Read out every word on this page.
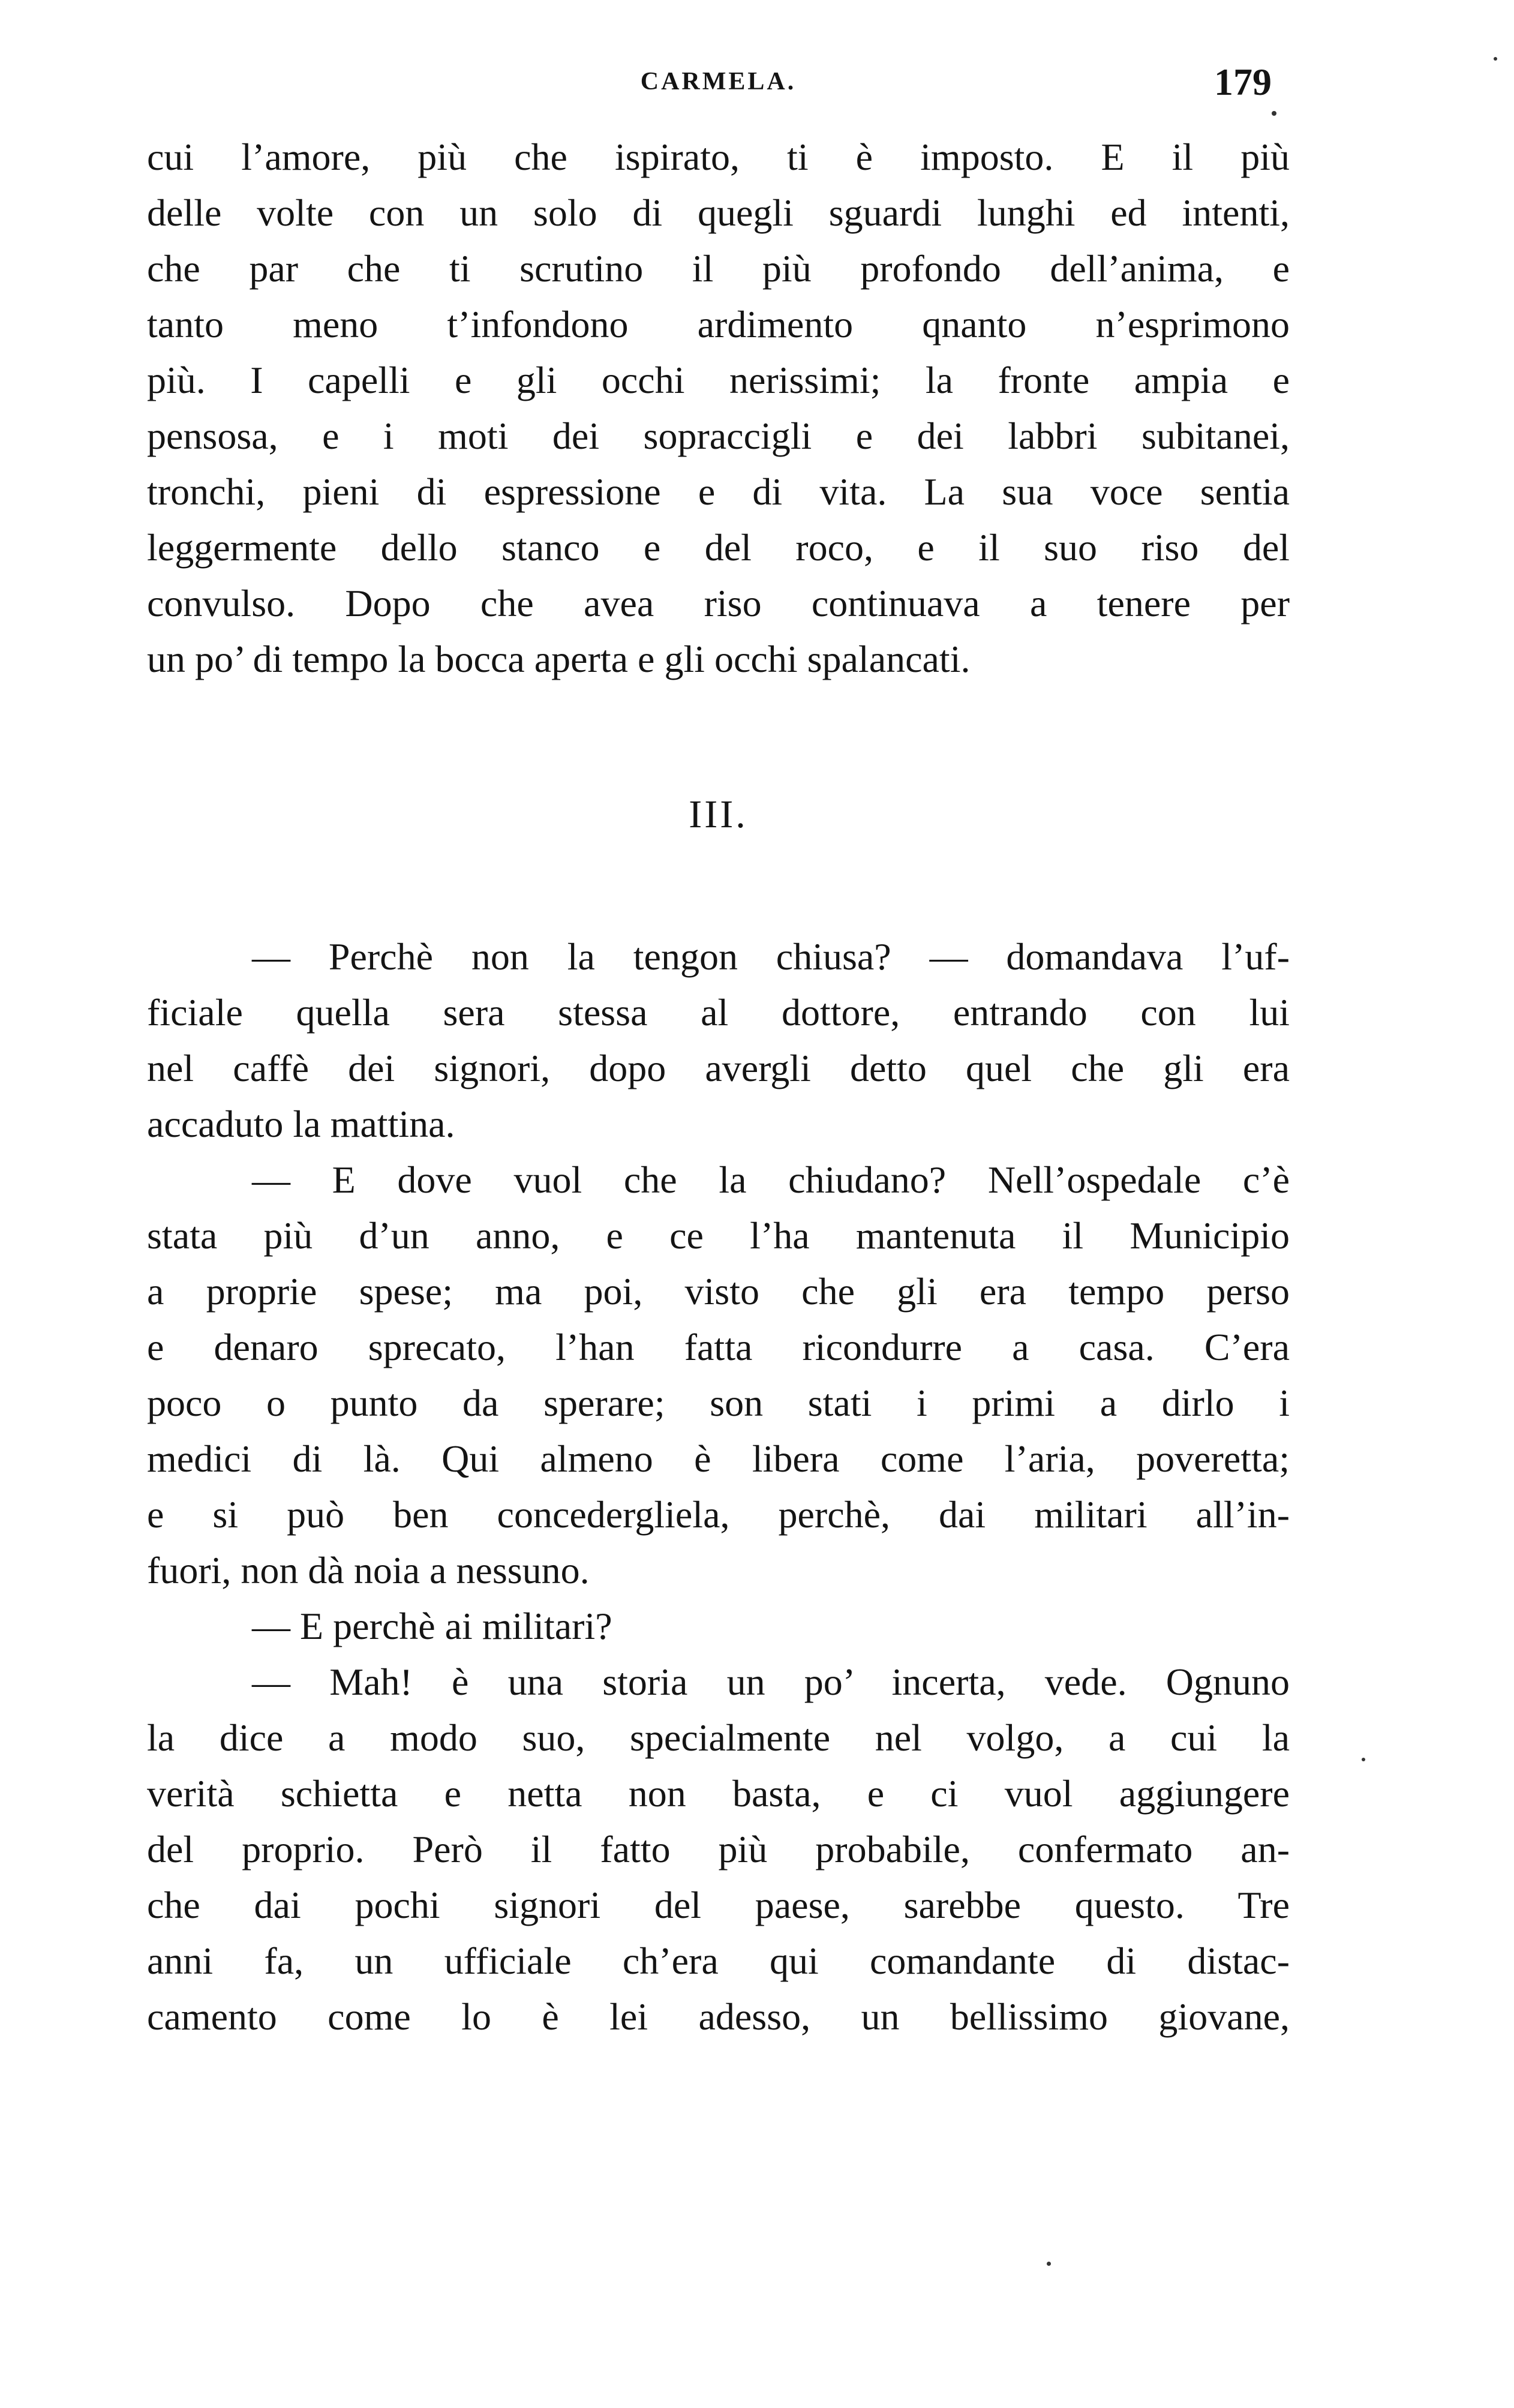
CARMELA.	179
cui l’amore, più che ispirato, ti è imposto. E il più
delle volte con un solo di quegli sguardi lunghi ed intenti,
che par che ti scrutino il più profondo dell’anima, e
tanto meno t’infondono ardimento qnanto n’esprimono
più. I capelli e gli occhi nerissimi; la fronte ampia e
pensosa, e i moti dei sopraccigli e dei labbri subitanei,
tronchi, pieni di espressione e di vita. La sua voce sentia
leggermente dello stanco e del roco, e il suo riso del
convulso. Dopo che avea riso continuava a tenere per
un po’ di tempo la bocca aperta e gli occhi spalancati.
III.
— Perchè non la tengon chiusa? — domandava l’uf-
ficiale quella sera stessa al dottore, entrando con lui
nel caffè dei signori, dopo avergli detto quel che gli era
accaduto la mattina.
— E dove vuol che la chiudano? Nell’ospedale c’è
stata più d’un anno, e ce l’ha mantenuta il Municipio
a proprie spese; ma poi, visto che gli era tempo perso
e denaro sprecato, l’han fatta ricondurre a casa. C’era
poco o punto da sperare; son stati i primi a dirlo i
medici di là. Qui almeno è libera come l’aria, poveretta;
e si può ben concedergliela, perchè, dai militari all’in-
fuori, non dà noia a nessuno.
— E perchè ai militari?
— Mah! è una storia un po’ incerta, vede. Ognuno
la dice a modo suo, specialmente nel volgo, a cui la
verità schietta e netta non basta, e ci vuol aggiungere
del proprio. Però il fatto più probabile, confermato an-
che dai pochi signori del paese, sarebbe questo. Tre
anni fa, un ufficiale ch’era qui comandante di distac-
camento come lo è lei adesso, un bellissimo giovane,
